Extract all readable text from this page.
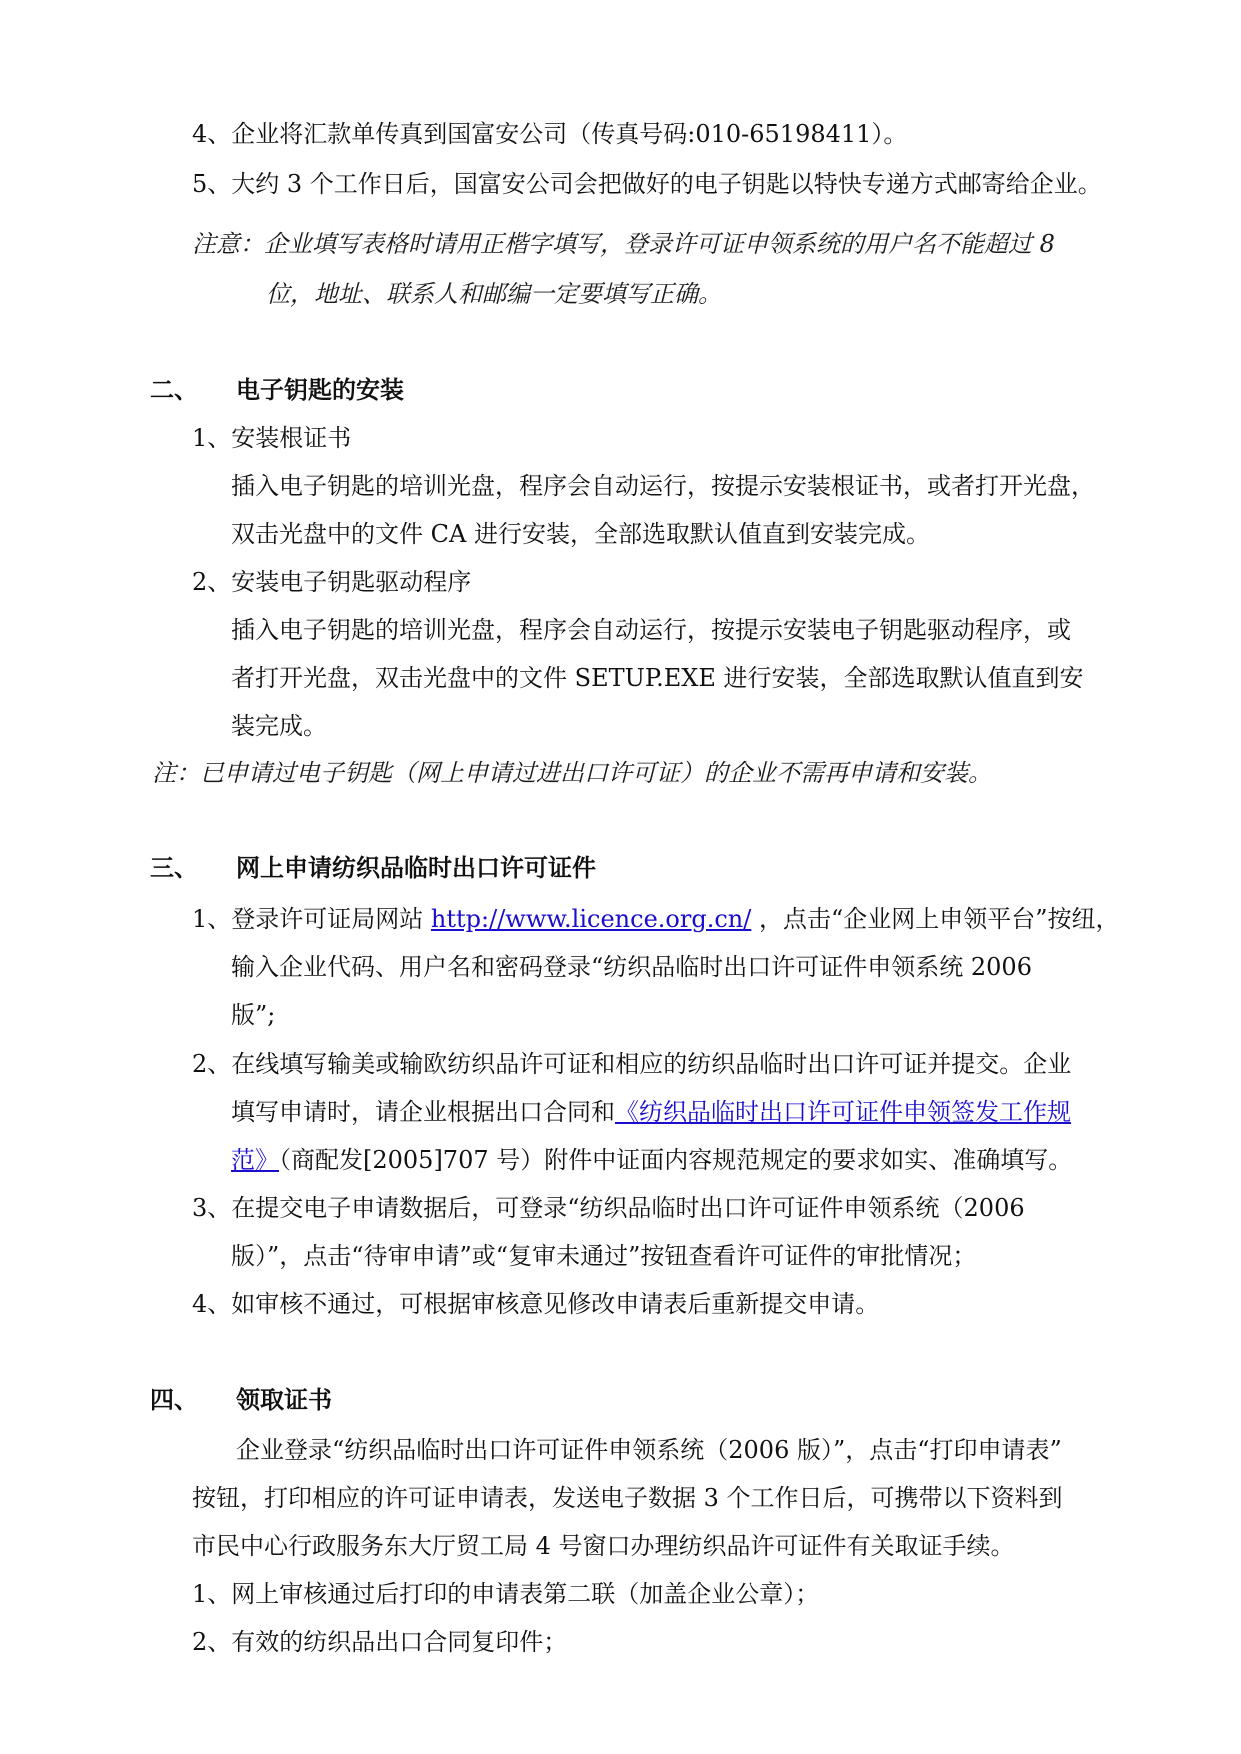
4、企业将汇款单传真到国富安公司（传真号码:010-65198411）。
5、大约 3 个工作日后，国富安公司会把做好的电子钥匙以特快专递方式邮寄给企业。
注意：企业填写表格时请用正楷字填写，登录许可证申领系统的用户名不能超过 8
位，地址、联系人和邮编一定要填写正确。
二、 电子钥匙的安装
1、安装根证书
插入电子钥匙的培训光盘，程序会自动运行，按提示安装根证书，或者打开光盘，
双击光盘中的文件 CA 进行安装，全部选取默认值直到安装完成。
2、安装电子钥匙驱动程序
插入电子钥匙的培训光盘，程序会自动运行，按提示安装电子钥匙驱动程序，或
者打开光盘，双击光盘中的文件 SETUP.EXE 进行安装，全部选取默认值直到安
装完成。
注：已申请过电子钥匙（网上申请过进出口许可证）的企业不需再申请和安装。
三、 网上申请纺织品临时出口许可证件
1、登录许可证局网站 http://www.licence.org.cn/ ，点击“企业网上申领平台”按纽，
输入企业代码、用户名和密码登录“纺织品临时出口许可证件申领系统 2006
版”;
2、在线填写输美或输欧纺织品许可证和相应的纺织品临时出口许可证并提交。企业
填写申请时，请企业根据出口合同和《纺织品临时出口许可证件申领签发工作规
范》（商配发[2005]707 号）附件中证面内容规范规定的要求如实、准确填写。
3、在提交电子申请数据后，可登录“纺织品临时出口许可证件申领系统（2006
版）”，点击“待审申请”或“复审未通过”按钮查看许可证件的审批情况；
4、如审核不通过，可根据审核意见修改申请表后重新提交申请。
四、 领取证书
企业登录“纺织品临时出口许可证件申领系统（2006 版）”，点击“打印申请表”
按钮，打印相应的许可证申请表，发送电子数据 3 个工作日后，可携带以下资料到
市民中心行政服务东大厅贸工局 4 号窗口办理纺织品许可证件有关取证手续。
1、网上审核通过后打印的申请表第二联（加盖企业公章）；
2、有效的纺织品出口合同复印件；
